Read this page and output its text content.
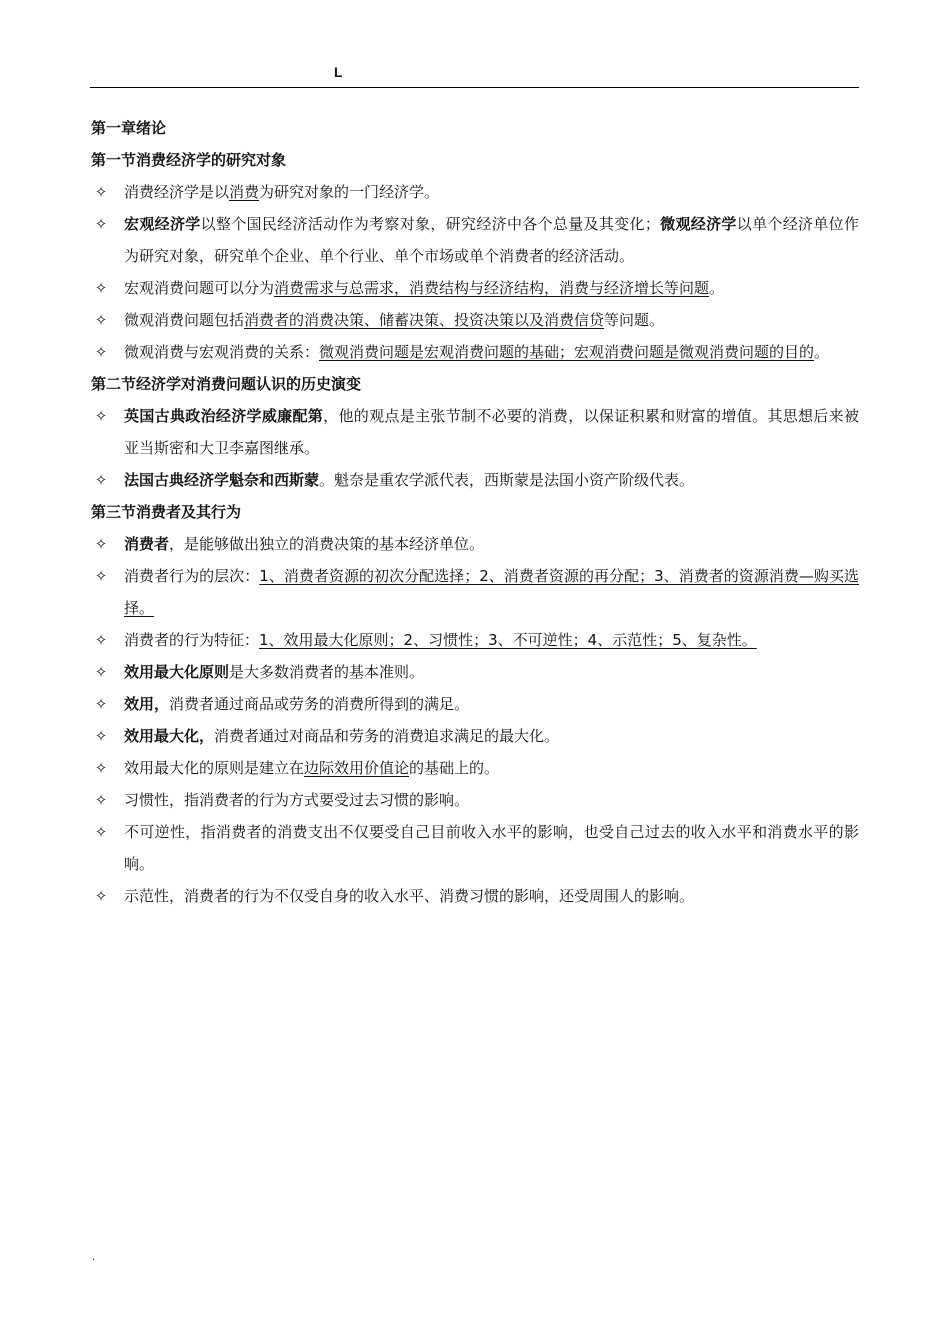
L

第一章绪论

第一节消费经济学的研究对象

✧ 消费经济学是以消费为研究对象的一门经济学。

✧ 宏观经济学以整个国民经济活动作为考察对象，研究经济中各个总量及其变化；微观经济学以单个经济单位作为研究对象，研究单个企业、单个行业、单个市场或单个消费者的经济活动。

✧ 宏观消费问题可以分为消费需求与总需求，消费结构与经济结构，消费与经济增长等问题。

✧ 微观消费问题包括消费者的消费决策、储蓄决策、投资决策以及消费信贷等问题。

✧ 微观消费与宏观消费的关系：微观消费问题是宏观消费问题的基础；宏观消费问题是微观消费问题的目的。

第二节经济学对消费问题认识的历史演变

✧ 英国古典政治经济学威廉配第，他的观点是主张节制不必要的消费，以保证积累和财富的增值。其思想后来被亚当斯密和大卫李嘉图继承。

✧ 法国古典经济学魁奈和西斯蒙。魁奈是重农学派代表，西斯蒙是法国小资产阶级代表。

第三节消费者及其行为

✧ 消费者，是能够做出独立的消费决策的基本经济单位。

✧ 消费者行为的层次：1、消费者资源的初次分配选择；2、消费者资源的再分配；3、消费者的资源消费—购买选择。

✧ 消费者的行为特征：1、效用最大化原则；2、习惯性；3、不可逆性；4、示范性；5、复杂性。

✧ 效用最大化原则是大多数消费者的基本准则。

✧ 效用，消费者通过商品或劳务的消费所得到的满足。

✧ 效用最大化，消费者通过对商品和劳务的消费追求满足的最大化。

✧ 效用最大化的原则是建立在边际效用价值论的基础上的。

✧ 习惯性，指消费者的行为方式要受过去习惯的影响。

✧ 不可逆性，指消费者的消费支出不仅要受自己目前收入水平的影响，也受自己过去的收入水平和消费水平的影响。

✧ 示范性，消费者的行为不仅受自身的收入水平、消费习惯的影响，还受周围人的影响。

.
